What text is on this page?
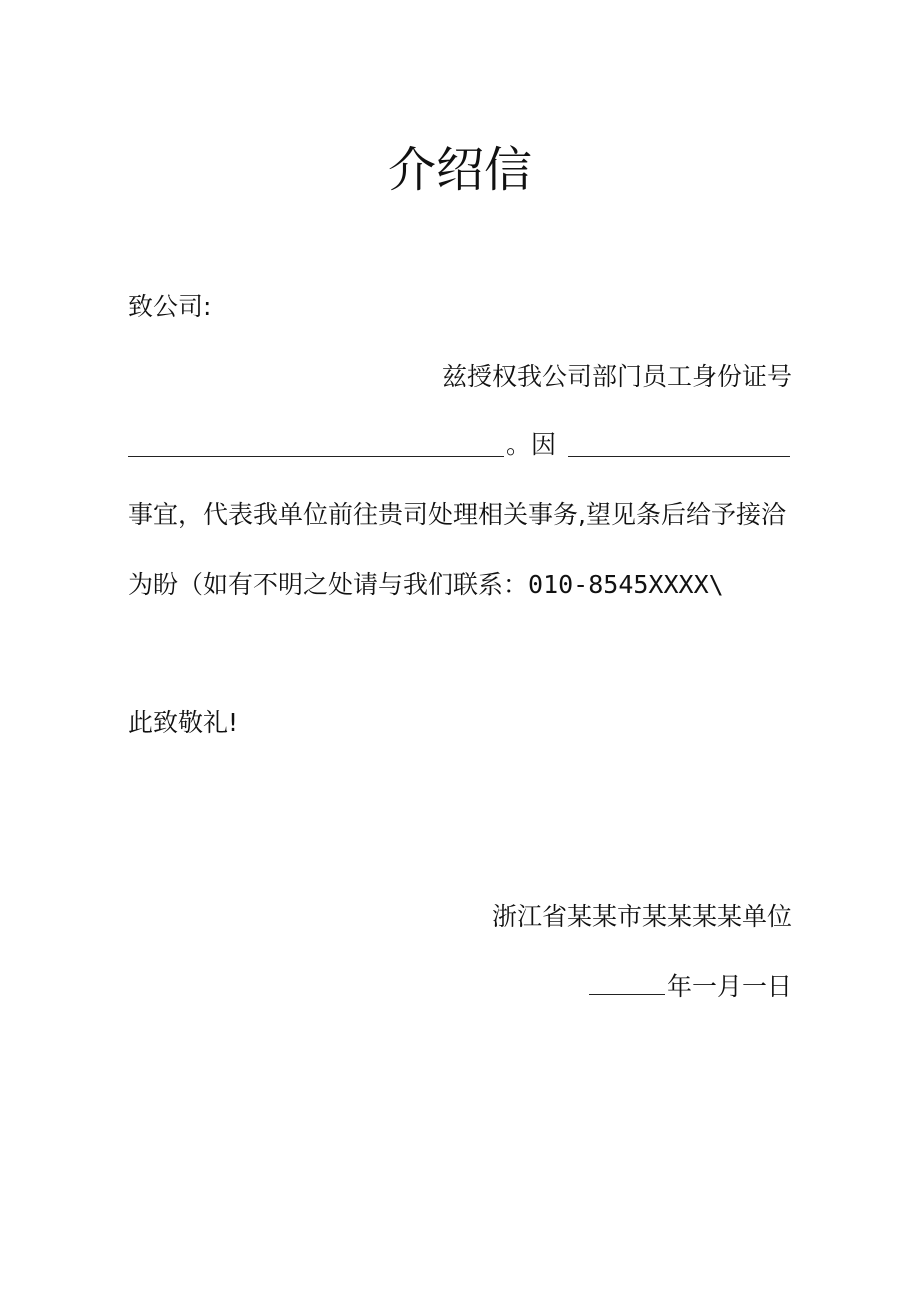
介绍信
致公司:
兹授权我公司部门员工身份证号
。因
事宜，代表我单位前往贵司处理相关事务,望见条后给予接洽
为盼（如有不明之处请与我们联系：010-8545XXXX\
此致敬礼!
浙江省某某市某某某某单位
年一月一日
